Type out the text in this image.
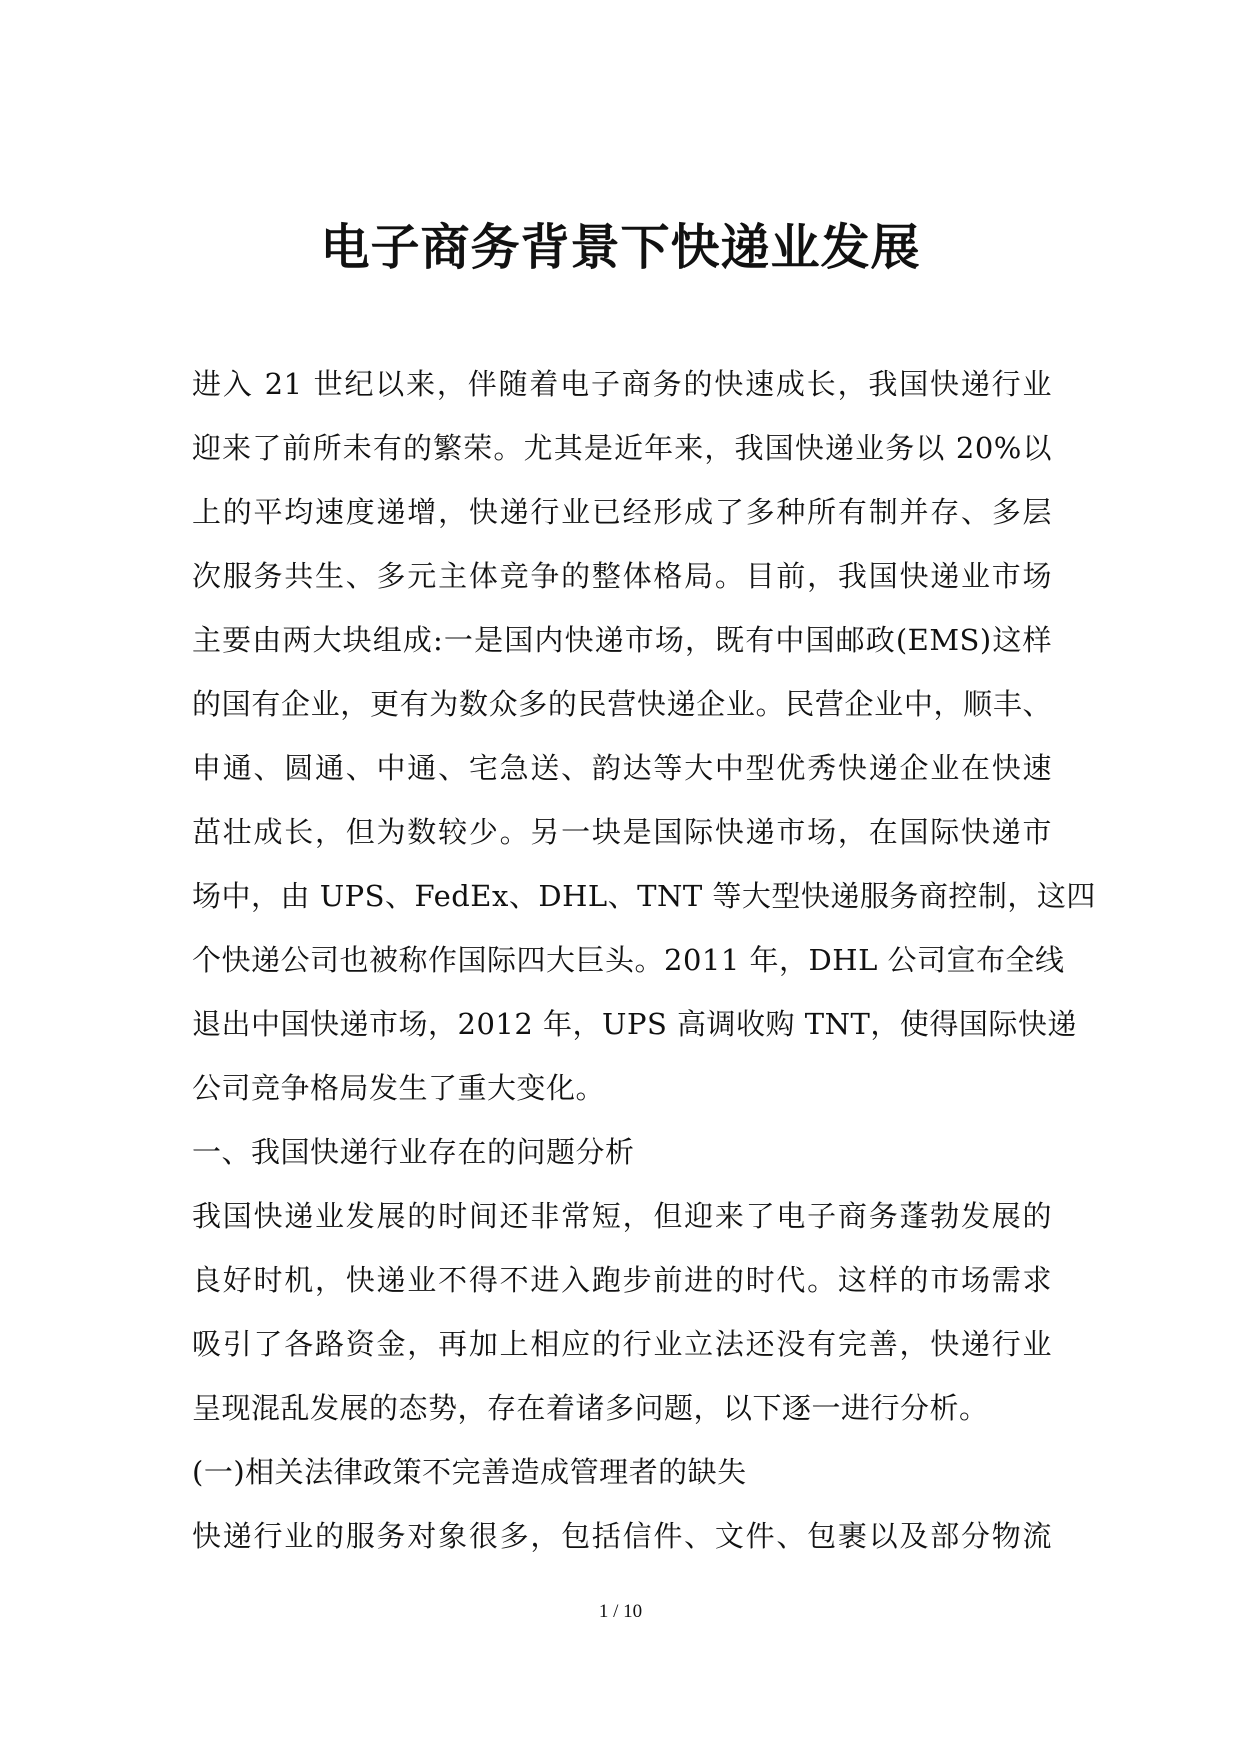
电子商务背景下快递业发展
进入 21 世纪以来，伴随着电子商务的快速成长，我国快递行业
迎来了前所未有的繁荣。尤其是近年来，我国快递业务以 20%以
上的平均速度递增，快递行业已经形成了多种所有制并存、多层
次服务共生、多元主体竞争的整体格局。目前，我国快递业市场
主要由两大块组成:一是国内快递市场，既有中国邮政(EMS)这样
的国有企业，更有为数众多的民营快递企业。民营企业中，顺丰、
申通、圆通、中通、宅急送、韵达等大中型优秀快递企业在快速
茁壮成长，但为数较少。另一块是国际快递市场，在国际快递市
场中，由 UPS、FedEx、DHL、TNT 等大型快递服务商控制，这四
个快递公司也被称作国际四大巨头。2011 年，DHL 公司宣布全线
退出中国快递市场，2012 年，UPS 高调收购 TNT，使得国际快递
公司竞争格局发生了重大变化。
一、我国快递行业存在的问题分析
我国快递业发展的时间还非常短，但迎来了电子商务蓬勃发展的
良好时机，快递业不得不进入跑步前进的时代。这样的市场需求
吸引了各路资金，再加上相应的行业立法还没有完善，快递行业
呈现混乱发展的态势，存在着诸多问题，以下逐一进行分析。
(一)相关法律政策不完善造成管理者的缺失
快递行业的服务对象很多，包括信件、文件、包裹以及部分物流
1 / 10
